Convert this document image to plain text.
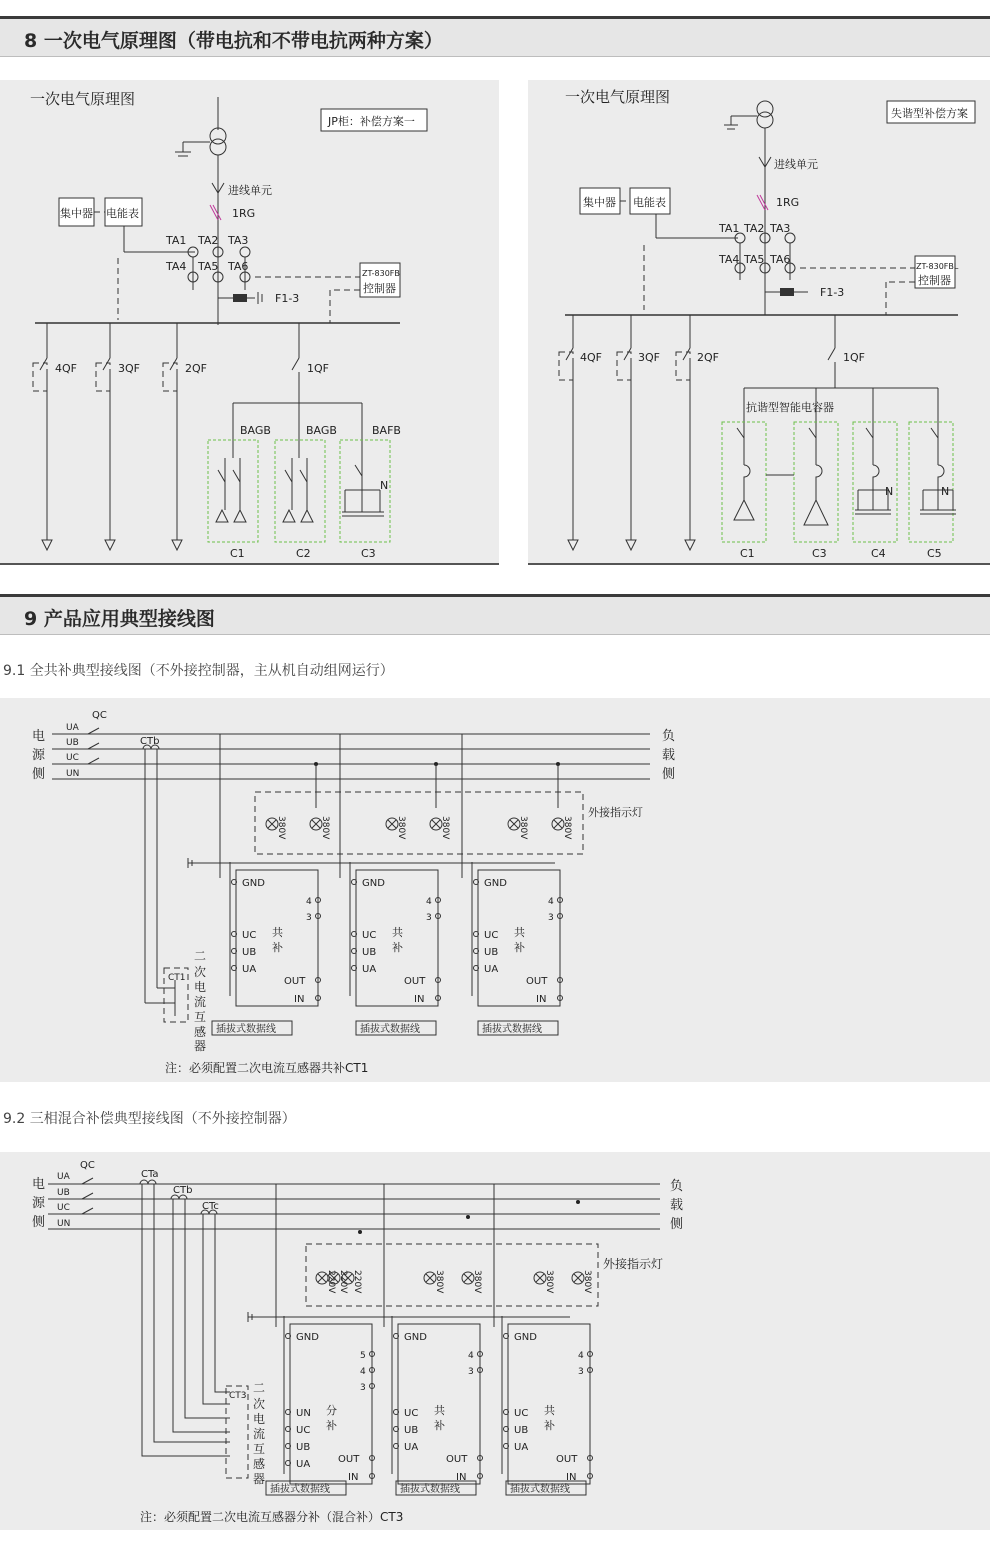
8 一次电气原理图（带电抗和不带电抗两种方案）
一次电气原理图
JP柜：补偿方案一
进线单元
1RG
集中器 电能表
TA1 TA2 TA3
TA4 TA5 TA6
ZT-830FB
控制器
F1-3
4QF	3QF	2QF	1QF
BAGB	BAGB	BAFB
N
C1	C2	C3
一次电气原理图
失谐型补偿方案
进线单元
1RG
集中器 电能表
TA1 TA2 TA3
TA4 TA5 TA6
ZT-830FBL
控制器
F1-3
4QF	3QF	2QF	1QF
抗谐型智能电容器
N	N
C1	C3	C4	C5
9 产品应用典型接线图
9.1 全共补典型接线图（不外接控制器，主从机自动组网运行）
电
源
侧
负
载
侧
QC
UA
UB
UC
UN
CTb
外接指示灯
二
次
电
流
互
感
器
CT1
注：必须配置二次电流互感器共补CT1
380V	380V
GND
4
3
UC
UB
UA
共
补
OUT
IN
插拔式数据线
380V	380V
GND
4
3
UC
UB
UA
共
补
OUT
IN
插拔式数据线
380V	380V
GND
4
3
UC
UB
UA
共
补
OUT
IN
插拔式数据线
9.2 三相混合补偿典型接线图（不外接控制器）
电
源
侧
负
载
侧
QC
UA
UB
UC
UN
CTa
CTb
CTc
外接指示灯
CT3
二
次
电
流
互
感
器
注：必须配置二次电流互感器分补（混合补）CT3
220V 220V 220V
GND
5
4
3
UN
UC
UB
UA
分
补
OUT
IN
插拔式数据线
380V	380V
GND
4
3
UC
UB
UA
共
补
OUT
IN
插拔式数据线
380V	380V
GND
4
3
UC
UB
UA
共
补
OUT
IN
插拔式数据线
